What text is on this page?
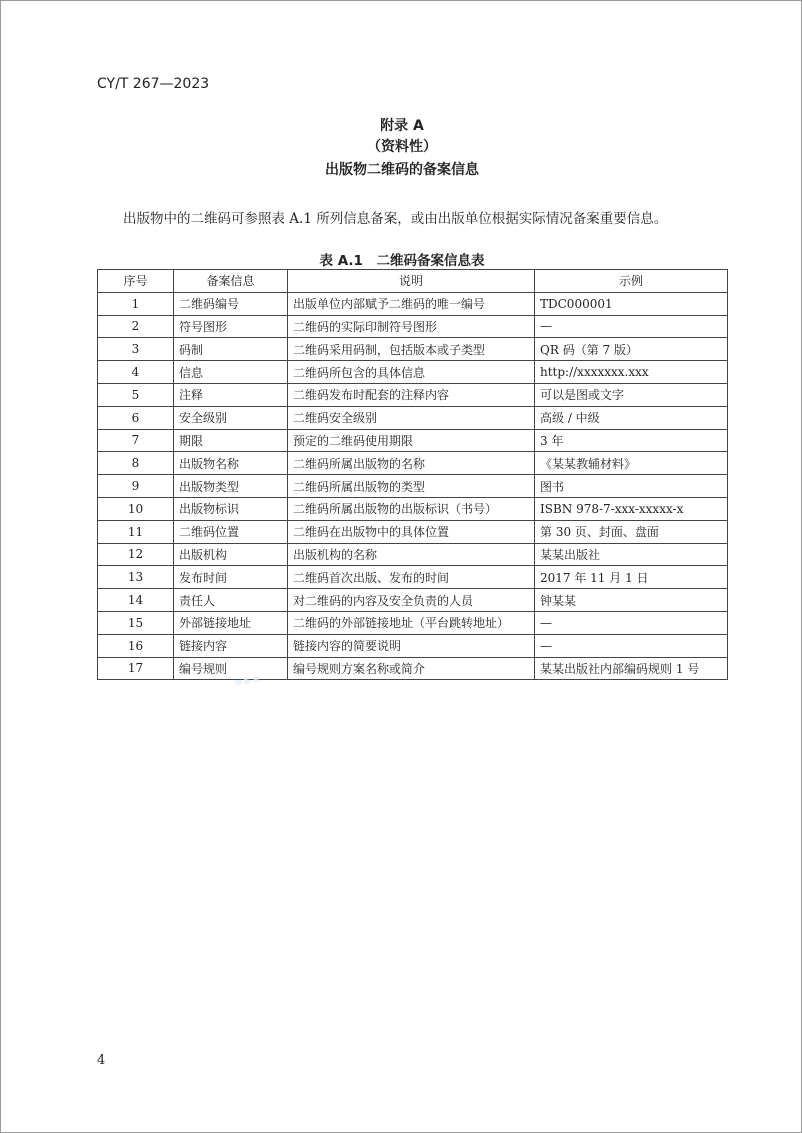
CY/T 267—2023
附录 A
（资料性）
出版物二维码的备案信息
出版物中的二维码可参照表 A.1 所列信息备案，或由出版单位根据实际情况备案重要信息。
表 A.1　二维码备案信息表
序号	备案信息	说明	示例
1	二维码编号	出版单位内部赋予二维码的唯一编号	TDC000001
2	符号图形	二维码的实际印制符号图形	—
3	码制	二维码采用码制，包括版本或子类型	QR 码（第 7 版）
4	信息	二维码所包含的具体信息	http://xxxxxxx.xxx
5	注释	二维码发布时配套的注释内容	可以是图或文字
6	安全级别	二维码安全级别	高级 / 中级
7	期限	预定的二维码使用期限	3 年
8	出版物名称	二维码所属出版物的名称	《某某教辅材料》
9	出版物类型	二维码所属出版物的类型	图书
10	出版物标识	二维码所属出版物的出版标识（书号）	ISBN 978-7-xxx-xxxxx-x
11	二维码位置	二维码在出版物中的具体位置	第 30 页、封面、盘面
12	出版机构	出版机构的名称	某某出版社
13	发布时间	二维码首次出版、发布的时间	2017 年 11 月 1 日
14	责任人	对二维码的内容及安全负责的人员	钟某某
15	外部链接地址	二维码的外部链接地址（平台跳转地址）	—
16	链接内容	链接内容的简要说明	—
17	编号规则	编号规则方案名称或简介	某某出版社内部编码规则 1 号
≡≡≡
4
